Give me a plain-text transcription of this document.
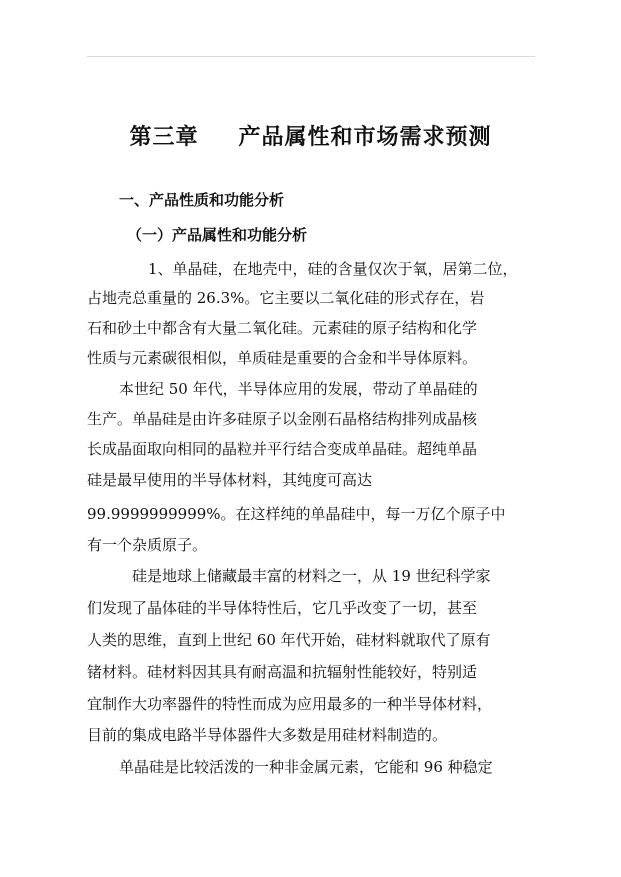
第三章 产品属性和市场需求预测
一、产品性质和功能分析
（一）产品属性和功能分析

1、单晶硅，在地壳中，硅的含量仅次于氧，居第二位，

占地壳总重量的 26.3%。它主要以二氧化硅的形式存在，岩

石和砂土中都含有大量二氧化硅。元素硅的原子结构和化学

性质与元素碳很相似，单质硅是重要的合金和半导体原料。

本世纪 50 年代，半导体应用的发展，带动了单晶硅的

生产。单晶硅是由许多硅原子以金刚石晶格结构排列成晶核

长成晶面取向相同的晶粒并平行结合变成单晶硅。超纯单晶

硅是最早使用的半导体材料，其纯度可高达

99.9999999999%。在这样纯的单晶硅中，每一万亿个原子中

有一个杂质原子。

硅是地球上储藏最丰富的材料之一，从 19 世纪科学家

们发现了晶体硅的半导体特性后，它几乎改变了一切，甚至

人类的思维，直到上世纪 60 年代开始，硅材料就取代了原有

锗材料。硅材料因其具有耐高温和抗辐射性能较好，特别适

宜制作大功率器件的特性而成为应用最多的一种半导体材料，

目前的集成电路半导体器件大多数是用硅材料制造的。

单晶硅是比较活泼的一种非金属元素，它能和 96 种稳定
